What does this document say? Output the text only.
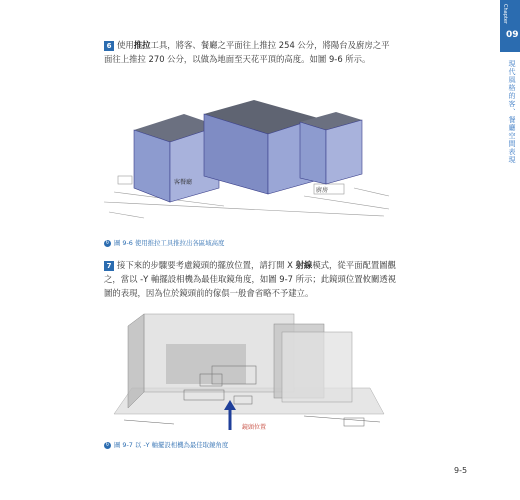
Chapter
09
現代風格的客、餐廳空間表現
6 使用推拉工具，將客、餐廳之平面往上推拉 254 公分，將陽台及廚房之平
面往上推拉 270 公分，以做為地面至天花平頂的高度。如圖 9-6 所示。
客餐廳
廚房
↻ 圖 9-6 使用推拉工具推拉出各區域高度
7 接下來的步驟要考慮鏡頭的擺放位置，請打開 X 射線模式，從平面配置圖觀
之，當以 -Y 軸擺設相機為最佳取鏡角度，如圖 9-7 所示；此鏡頭位置攸關透視
圖的表現，因為位於鏡頭前的傢俱一般會省略不予建立。
鏡頭位置
↻ 圖 9-7 以 -Y 軸擺設相機為最佳取鏡角度
9-5
